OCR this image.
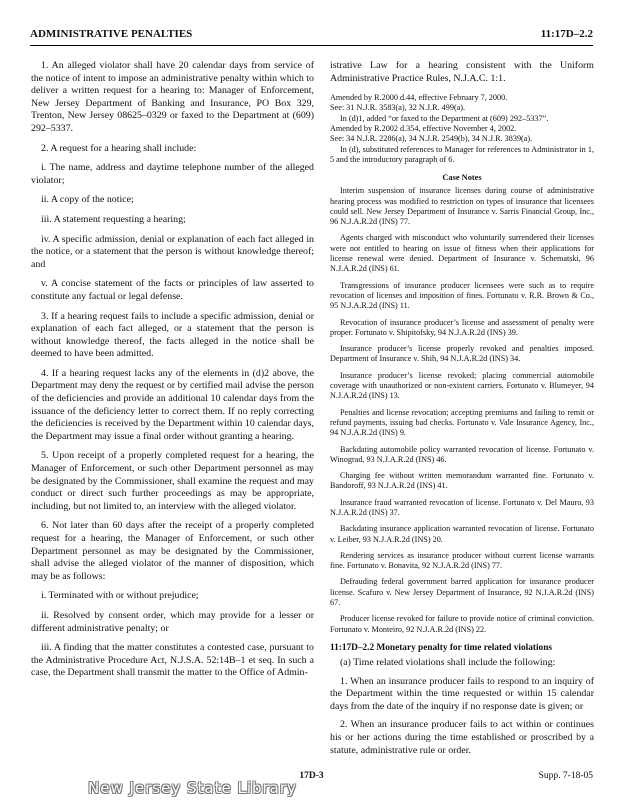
ADMINISTRATIVE PENALTIES	11:17D–2.2

1. An alleged violator shall have 20 calendar days from service of the notice of intent to impose an administrative penalty within which to deliver a written request for a hearing to: Manager of Enforcement, New Jersey Department of Banking and Insurance, PO Box 329, Trenton, New Jersey 08625–0329 or faxed to the Department at (609) 292–5337.

2. A request for a hearing shall include:

i. The name, address and daytime telephone number of the alleged violator;

ii. A copy of the notice;

iii. A statement requesting a hearing;

iv. A specific admission, denial or explanation of each fact alleged in the notice, or a statement that the person is without knowledge thereof; and

v. A concise statement of the facts or principles of law asserted to constitute any factual or legal defense.

3. If a hearing request fails to include a specific admission, denial or explanation of each fact alleged, or a statement that the person is without knowledge thereof, the facts alleged in the notice shall be deemed to have been admitted.

4. If a hearing request lacks any of the elements in (d)2 above, the Department may deny the request or by certified mail advise the person of the deficiencies and provide an additional 10 calendar days from the issuance of the deficiency letter to correct them. If no reply correcting the deficiencies is received by the Department within 10 calendar days, the Department may issue a final order without granting a hearing.

5. Upon receipt of a properly completed request for a hearing, the Manager of Enforcement, or such other Department personnel as may be designated by the Commissioner, shall examine the request and may conduct or direct such further proceedings as may be appropriate, including, but not limited to, an interview with the alleged violator.

6. Not later than 60 days after the receipt of a properly completed request for a hearing, the Manager of Enforcement, or such other Department personnel as may be designated by the Commissioner, shall advise the alleged violator of the manner of disposition, which may be as follows:

i. Terminated with or without prejudice;

ii. Resolved by consent order, which may provide for a lesser or different administrative penalty; or

iii. A finding that the matter constitutes a contested case, pursuant to the Administrative Procedure Act, N.J.S.A. 52:14B–1 et seq. In such a case, the Department shall transmit the matter to the Office of Admin-

istrative Law for a hearing consistent with the Uniform Administrative Practice Rules, N.J.A.C. 1:1.

Amended by R.2000 d.44, effective February 7, 2000.

See: 31 N.J.R. 3583(a), 32 N.J.R. 499(a).

In (d)1, added “or faxed to the Department at (609) 292–5337”.

Amended by R.2002 d.354, effective November 4, 2002.

See: 34 N.J.R. 2286(a), 34 N.J.R. 2549(b), 34 N.J.R. 3839(a).

In (d), substituted references to Manager for references to Administrator in 1, 5 and the introductory paragraph of 6.

Case Notes

Interim suspension of insurance licenses during course of administrative hearing process was modified to restriction on types of insurance that licensees could sell. New Jersey Department of Insurance v. Sarris Financial Group, Inc., 96 N.J.A.R.2d (INS) 77.

Agents charged with misconduct who voluntarily surrendered their licenses were not entitled to hearing on issue of fitness when their applications for license renewal were denied. Department of Insurance v. Schematski, 96 N.J.A.R.2d (INS) 61.

Transgressions of insurance producer licensees were such as to require revocation of licenses and imposition of fines. Fortunato v. R.R. Brown & Co., 95 N.J.A.R.2d (INS) 11.

Revocation of insurance producer’s license and assessment of penalty were proper. Fortunato v. Shipitofsky, 94 N.J.A.R.2d (INS) 39.

Insurance producer’s license properly revoked and penalties imposed. Department of Insurance v. Shih, 94 N.J.A.R.2d (INS) 34.

Insurance producer’s license revoked; placing commercial automobile coverage with unauthorized or non-existent carriers. Fortunato v. Blumeyer, 94 N.J.A.R.2d (INS) 13.

Penalties and license revocation; accepting premiums and failing to remit or refund payments, issuing bad checks. Fortunato v. Vale Insurance Agency, Inc., 94 N.J.A.R.2d (INS) 9.

Backdating automobile policy warranted revocation of license. Fortunato v. Winograd, 93 N.J.A.R.2d (INS) 46.

Charging fee without written memorandum warranted fine. Fortunato v. Bandoroff, 93 N.J.A.R.2d (INS) 41.

Insurance fraud warranted revocation of license. Fortunato v. Del Mauro, 93 N.J.A.R.2d (INS) 37.

Backdating insurance application warranted revocation of license. Fortunato v. Leiber, 93 N.J.A.R.2d (INS) 20.

Rendering services as insurance producer without current license warrants fine. Fortunato v. Bonavita, 92 N.J.A.R.2d (INS) 77.

Defrauding federal government barred application for insurance producer license. Scafuro v. New Jersey Department of Insurance, 92 N.J.A.R.2d (INS) 67.

Producer license revoked for failure to provide notice of criminal conviction. Fortunato v. Monteiro, 92 N.J.A.R.2d (INS) 22.

11:17D–2.2 Monetary penalty for time related violations

(a) Time related violations shall include the following:

1. When an insurance producer fails to respond to an inquiry of the Department within the time requested or within 15 calendar days from the date of the inquiry if no response date is given; or

2. When an insurance producer fails to act within or continues his or her actions during the time established or proscribed by a statute, administrative rule or order.

17D-3	Supp. 7-18-05
New Jersey State Library
